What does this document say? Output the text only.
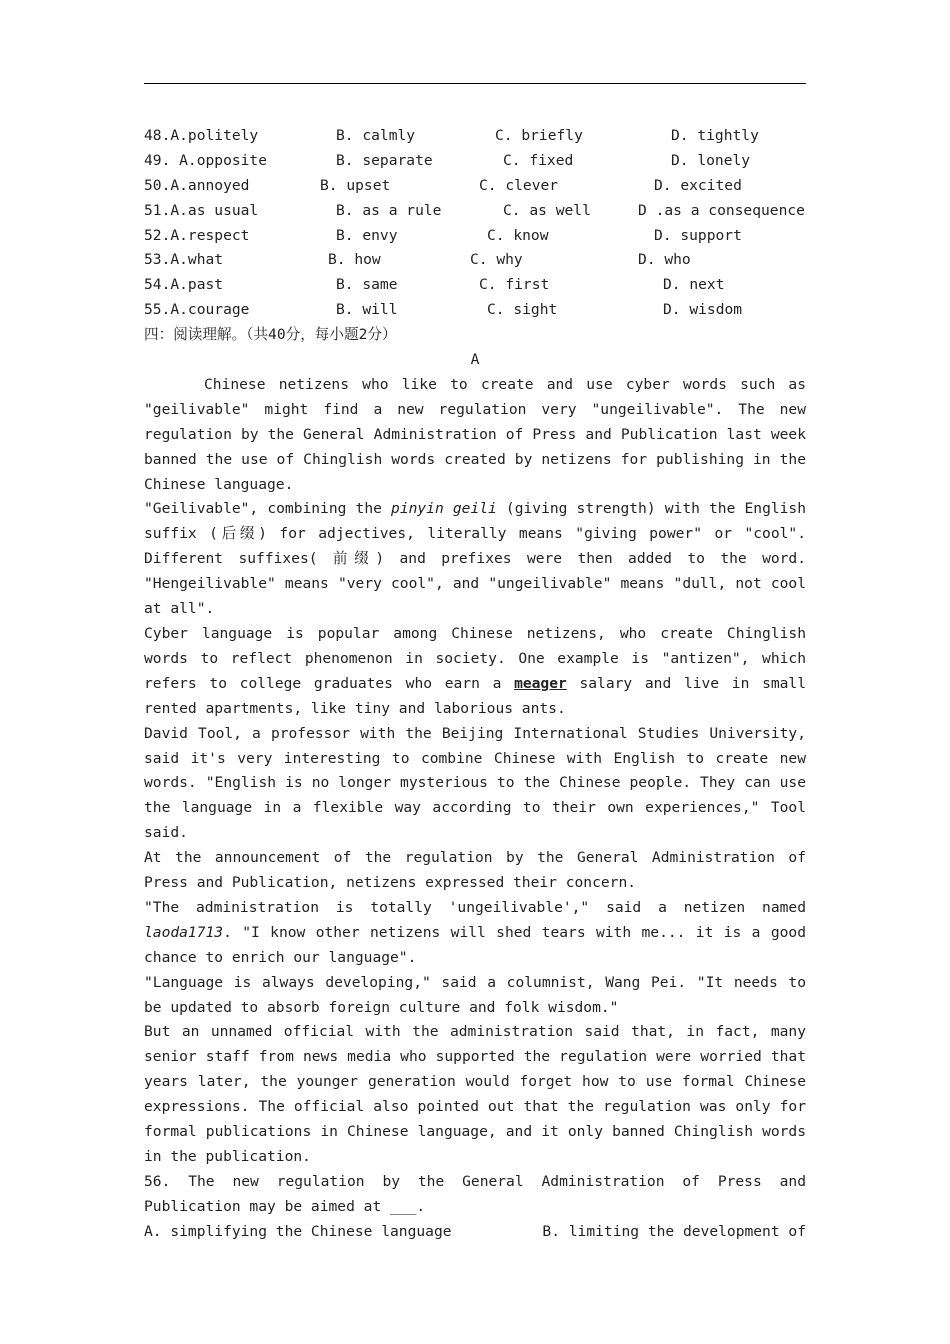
48.A.politely	B. calmly	C. briefly	D. tightly
49. A.opposite	B. separate	C. fixed	D. lonely
50.A.annoyed	B. upset	C. clever	D. excited
51.A.as usual	B. as a rule	C. as well	D .as a consequence
52.A.respect	B. envy	C. know	D. support
53.A.what	B. how	C. why	D. who
54.A.past	B. same	C. first	D. next
55.A.courage	B. will	C. sight	D. wisdom
四：阅读理解。（共40分，每小题2分）
A

Chinese netizens who like to create and use cyber words such as "geilivable" might find a new regulation very "ungeilivable". The new regulation by the General Administration of Press and Publication last week banned the use of Chinglish words created by netizens for publishing in the Chinese language.

"Geilivable", combining the pinyin geili (giving strength) with the English suffix (后缀) for adjectives, literally means "giving power" or "cool". Different suffixes( 前缀) and prefixes were then added to the word. "Hengeilivable" means "very cool", and "ungeilivable" means "dull, not cool at all".

Cyber language is popular among Chinese netizens, who create Chinglish words to reflect phenomenon in society. One example is "antizen", which refers to college graduates who earn a meager salary and live in small rented apartments, like tiny and laborious ants.

David Tool, a professor with the Beijing International Studies University, said it's very interesting to combine Chinese with English to create new words. "English is no longer mysterious to the Chinese people. They can use the language in a flexible way according to their own experiences," Tool said.

At the announcement of the regulation by the General Administration of Press and Publication, netizens expressed their concern.

"The administration is totally 'ungeilivable'," said a netizen named laoda1713. "I know other netizens will shed tears with me... it is a good chance to enrich our language".

"Language is always developing," said a columnist, Wang Pei. "It needs to be updated to absorb foreign culture and folk wisdom."

But an unnamed official with the administration said that, in fact, many senior staff from news media who supported the regulation were worried that years later, the younger generation would forget how to use formal Chinese expressions. The official also pointed out that the regulation was only for formal publications in Chinese language, and it only banned Chinglish words in the publication.

56. The new regulation by the General Administration of Press and Publication may be aimed at ___.

A. simplifying the Chinese language	B. limiting the development of
